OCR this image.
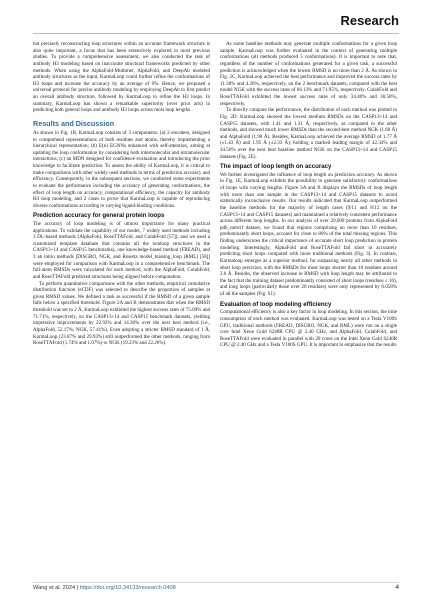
Research

but precisely reconstructing loop structures within an accurate framework structure is also quite important, a focus that has been extensively explored in most previous studies. To provide a comprehensive assessment, we also conducted the task of antibody H3 modeling based on inaccurate structural frameworks predicted by other methods. When using the AlphaFold-Multimer, AlphaFold, and DeepAb modeled antibody structures as the input, KarmaLoop could further refine the conformations of H3 loops and increase the accuracy by an average of 9%. Hence, we proposed a universal protocol for precise antibody modeling by employing DeepAb to first predict an overall antibody structure, followed by KarmaLoop to refine the H3 loops. In summary, KarmaLoop has shown a remarkable superiority (over prior arts) in predicting both general loops and antibody H3 loops across most loop lengths.

Results and Discussion

As shown in Fig. 1B, KarmaLoop consists of 3 components: (a) 2 encoders, designed to comprehend representations of both residues and atoms, thereby implementing a hierarchical representation; (b) E(n) EGNNs enhanced with self-attention, aiming at updating the loop conformation by considering both intermolecular and intramolecular interactions; (c) an MDN designed for confidence evaluation and introducing the prior knowledge to facilitate prediction. To assess the ability of KarmaLoop, it is critical to make comparisons with other widely used methods in terms of prediction accuracy and efficiency. Consequently, in the subsequent sections, we conducted some experiments to evaluate the performance including the accuracy of generating conformations, the effect of loop length on accuracy, computational efficiency, the capacity for antibody H3 loop modeling, and 2 cases to prove that KarmaLoop is capable of reproducing diverse conformations according to varying ligand-binding conditions.

Prediction accuracy for general protein loops

The accuracy of loop modeling is of utmost importance for many practical applications. To validate the capability of our model, 7 widely used methods including 3 DL-based methods (AlphaFold, RoseTTAFold, and ColabFold [57]), and we used a customized template database that contains all the nonloop structures in the CASP13+14 and CASP15 benchmarks), one knowledge-based method (FREAD), and 3 ab initio methods [DISGRO, NGK, and Rosetta model_missing_loop (RML) [58]] were employed for comparison with KarmaLoop in a comprehensive benchmark. The full-atom RMSDs were calculated for each method, with the AlphaFold, ColabFold, and RoseTTAFold predicted structures being aligned before computation.

To perform quantitative comparisons with the other methods, empirical cumulative distribution function (eCDF) was selected to describe the proportion of samples at given RMSD values. We defined a task as successful if the RMSD of a given sample falls below a specified threshold. Figure 2A and B demonstrates that when the RMSD threshold was set to 2 Å, KarmaLoop exhibited the highest success rates of 75.09% and 71.71%, respectively, on the CASP13+14 and CASP15 benchmark datasets, yielding impressive improvements by 22.92% and 14.30% over the next best method (i.e., AlphaFold, 52.17%; NGK, 57.41%). Even adopting a stricter RMSD standard of 1 Å, KarmaLoop (23.87% and 29.93%) still outperformed the other methods, ranging from RoseTTAFold (1.74% and 1.07%) to NGK (19.23% and 22.26%).

As some baseline methods may generate multiple conformations for a given loop sample, KarmaLoop was further evaluated in the context of generating multiple conformations (all methods produced 5 conformations). It is important to note that, regardless of the number of conformations generated for a given task, a successful prediction is acknowledged when the lowest RMSD is no more than 2 Å. As shown in Fig. 2C, KarmaLoop achieved the best performance and improved the success rates by 11.38% and 4.26%, respectively, on the 2 benchmark datasets, compared with the best model NGK with the success rates of 66.13% and 71.95%, respectively. ColabFold and RoseTTAFold exhibited the lowest success rates of only 34.40% and 30.58%, respectively.

To directly compare the performance, the distribution of each method was plotted in Fig. 2D. KarmaLoop showed the lowest medium RMSDs on the CASP13+14 and CASP15 datasets, with 1.41 and 1.31 Å, respectively, as compared to the other methods, and showed much lower RMSDs than the second-best method NGK (1.60 Å) and AlphaFold (1.90 Å). Besides, KarmaLoop achieved the average RMSD of 1.77 Å (±1.43 Å) and 1.95 Å (±2.33 Å), holding a marked leading margin of 42.34% and 34.56% over the next best baseline method NGK on the CASP13+14 and CASP15 datasets (Fig. 2E).

The impact of loop length on accuracy

We further investigated the influence of loop length on prediction accuracy. As shown in Fig. 1E, KarmaLoop exhibits the possibility to generate satisfactory conformations of loops with varying lengths. Figure 3A and B displays the RMSDs of loop length with more than one sample in the CASP13+14 and CASP15 datasets to avoid statistically inconclusive results. Our results indicated that KarmaLoop outperformed the baseline methods for the majority of length cases (9/11 and 8/12 on the CASP13+14 and CASP15 datasets) and maintained a relatively consistent performance across different loop lengths. In our analysis of over 20,000 proteins from AlphaFold pdb_mmcif dataset, we found that regions comprising no more than 10 residues, predominantly short loops, account for close to 80% of the total missing regions. This finding underscores the critical importance of accurate short loop prediction in protein modeling. Interestingly, AlphaFold and RoseTTAFold fail short in accurately predicting short loops compared with more traditional methods (Fig. 3). In contrast, Karmaloop emerges as a superior method, far surpassing nearly all other methods in short loop precision, with the RMSDs for most loops shorter than 10 residues around 2.0 Å. Besides, the observed increase in RMSD with loop length may be attributed to the fact that the training dataset predominantly consisted of short loops (residues ≤ 10), and long loops (particularly those over 20 residues) were only represented by 0.058% of all the samples (Fig. S1).

Evaluation of loop modeling efficiency

Computational efficiency is also a key factor in loop modeling. In this section, the time consumption of each method was evaluated. KarmaLoop was tested on a Tesla V100S GPU, traditional methods (FREAD, DISGRO, NGK, and RML) were run on a single core Intel Xeon Gold 6240R CPU @ 2.40 GHz, and AlphaFold, ColabFold, and RoseTTAFold were evaluated in parallel with 20 cores on the Intel Xeon Gold 6240R CPU @ 2.40 GHz and a Tesla V100S GPU. It is important to emphasize that the results

Wang et al. 2024 | https://doi.org/10.34133/research.0408	4
